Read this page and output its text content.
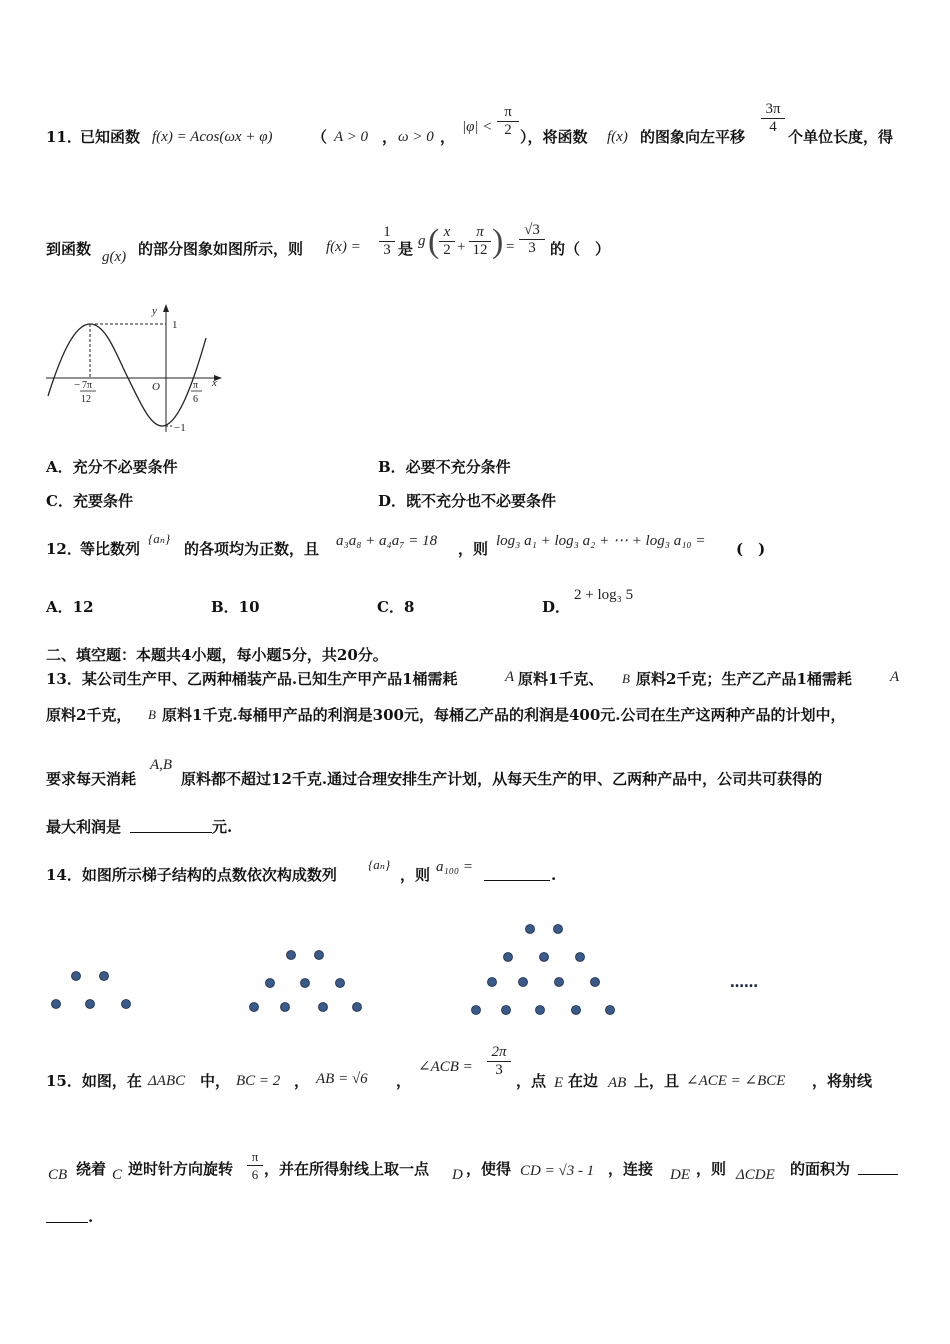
11．
已知函数 f(x) = Acos(ωx + φ)	（ A > 0 ， ω > 0 ，
|φ| <
π
2 ），将函数 f(x) 的图象向左平移
3π
4
个单位长度，得
到函数 g(x) 的部分图象如图所示，则 f(x) =
1
3 是 g ( x
2 +
π
12 ) =
√3
3 的（　）
y
x
1
−1
O
− 7π
12
π
6
A．充分不必要条件	B．必要不充分条件
C．充要条件	D．既不充分也不必要条件
12．
等比数列
{aₙ}
的各项均为正数，且 a₃a₈ + a₄a₇ = 18 ，则 log₃ a₁ + log₃ a₂ + ⋯ + log₃ a₁₀ = (　)
A．12	B．10	C．8	D．
2 + log₃ 5
二、填空题：本题共4小题，每小题5分，共20分。
13．某公司生产甲、乙两种桶装产品.已知生产甲产品1桶需耗	A 原料1千克、 B 原料2千克；生产乙产品1桶需耗	A
原料2千克， B 原料1千克.每桶甲产品的利润是300元，每桶乙产品的利润是400元.公司在生产这两种产品的计划中，
要求每天消耗
A,B
原料都不超过12千克.通过合理安排生产计划，从每天生产的甲、乙两种产品中，公司共可获得的
最大利润是	元.
14．如图所示梯子结构的点数依次构成数列
{aₙ}
，则 a₁₀₀ =	.
……
15．如图，在 ΔABC 中， BC = 2 ， AB = √6 ，
∠ACB =
2π
3
，点 E 在边 AB 上，且 ∠ACE = ∠BCE ，将射线
CB 绕着 C 逆时针方向旋转
π
6 ，并在所得射线上取一点 D ，使得 CD = √3 - 1 ，连接 DE ，则 ΔCDE 的面积为
.
